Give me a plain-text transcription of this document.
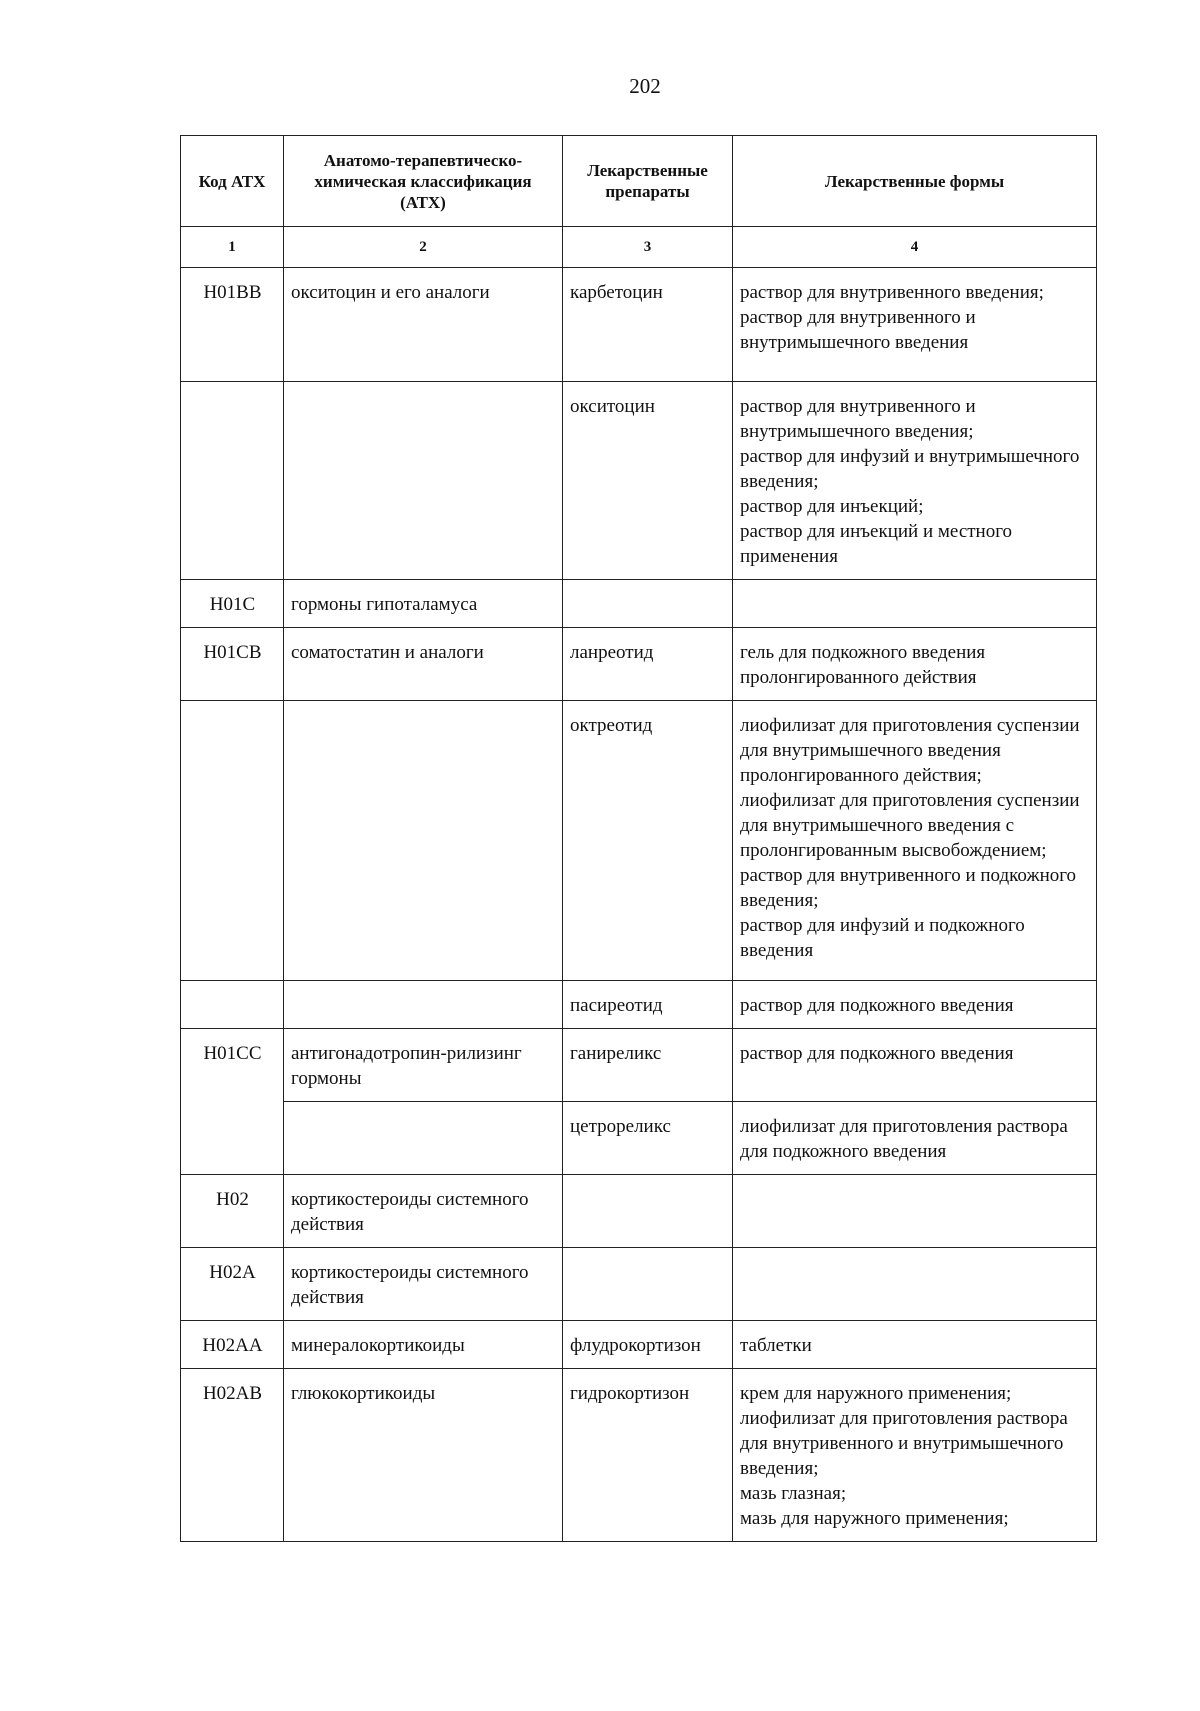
202
Код АТХ	Анатомо-терапевтическо-химическая классификация (АТХ)	Лекарственные препараты	Лекарственные формы
1	2	3	4
H01BB	окситоцин и его аналоги	карбетоцин	раствор для внутривенного введения;
раствор для внутривенного и внутримышечного введения
		окситоцин	раствор для внутривенного и внутримышечного введения;
раствор для инфузий и внутримышечного введения;
раствор для инъекций;
раствор для инъекций и местного применения
H01C	гормоны гипоталамуса		
H01CB	соматостатин и аналоги	ланреотид	гель для подкожного введения пролонгированного действия
		октреотид	лиофилизат для приготовления суспензии для внутримышечного введения пролонгированного действия;
лиофилизат для приготовления суспензии для внутримышечного введения с пролонгированным высвобождением;
раствор для внутривенного и подкожного введения;
раствор для инфузий и подкожного введения
		пасиреотид	раствор для подкожного введения
H01CC	антигонадотропин-рилизинг гормоны	ганиреликс	раствор для подкожного введения
		цетрореликс	лиофилизат для приготовления раствора для подкожного введения
H02	кортикостероиды системного действия		
H02A	кортикостероиды системного действия		
H02AA	минералокортикоиды	флудрокортизон	таблетки
H02AB	глюкокортикоиды	гидрокортизон	крем для наружного применения;
лиофилизат для приготовления раствора для внутривенного и внутримышечного введения;
мазь глазная;
мазь для наружного применения;
